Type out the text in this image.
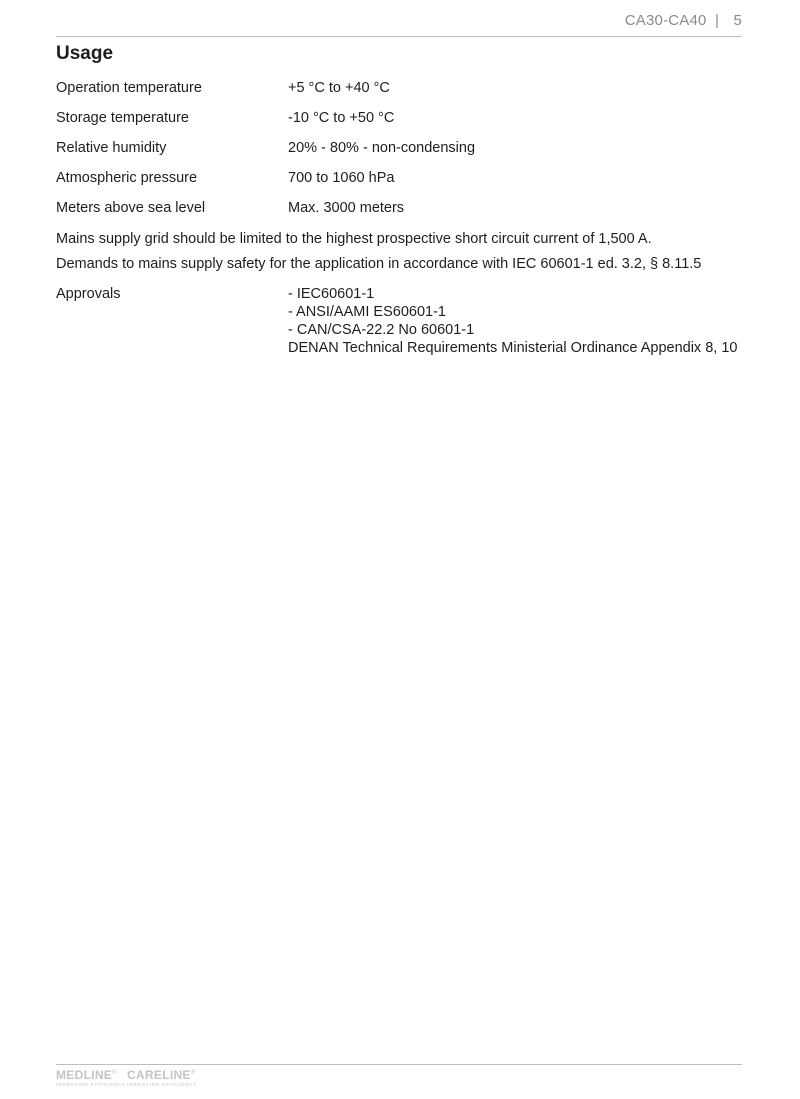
CA30-CA40 | 5
Usage
Operation temperature	+5 °C to +40 °C
Storage temperature	-10 °C to +50 °C
Relative humidity	20% - 80% - non-condensing
Atmospheric pressure	700 to 1060 hPa
Meters above sea level	Max. 3000 meters
Mains supply grid should be limited to the highest prospective short circuit current of 1,500 A.
Demands to mains supply safety for the application in accordance with IEC 60601-1 ed. 3.2, § 8.11.5
Approvals	- IEC60601-1
- ANSI/AAMI ES60601-1
- CAN/CSA-22.2 No 60601-1
DENAN Technical Requirements Ministerial Ordinance Appendix 8, 10
MEDLINE®
IMPROVING EFFICIENCY
CARELINE®
IMPROVING EFFICIENCY
